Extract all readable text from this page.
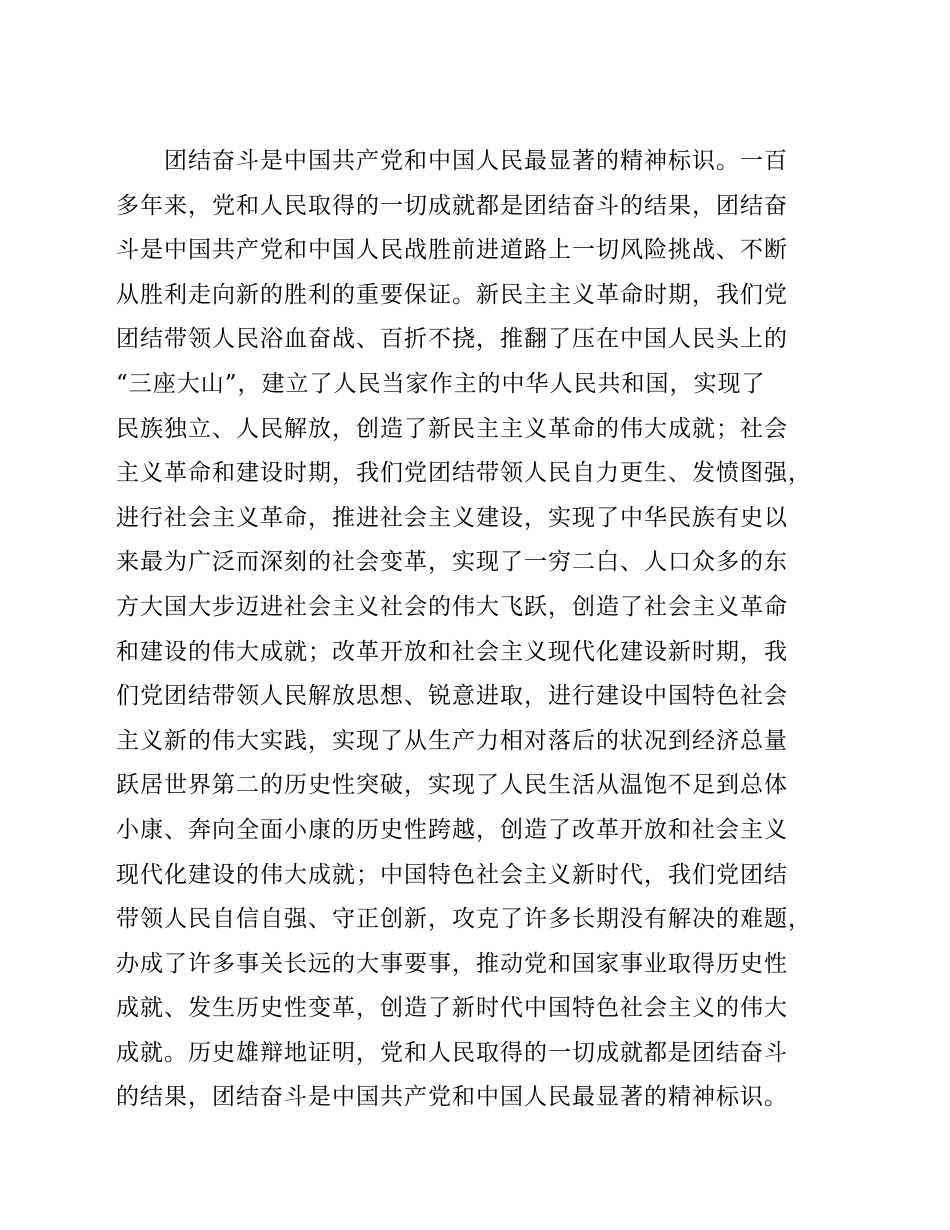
团结奋斗是中国共产党和中国人民最显著的精神标识。一百
多年来，党和人民取得的一切成就都是团结奋斗的结果，团结奋
斗是中国共产党和中国人民战胜前进道路上一切风险挑战、不断
从胜利走向新的胜利的重要保证。新民主主义革命时期，我们党
团结带领人民浴血奋战、百折不挠，推翻了压在中国人民头上的
“三座大山”，建立了人民当家作主的中华人民共和国，实现了
民族独立、人民解放，创造了新民主主义革命的伟大成就；社会
主义革命和建设时期，我们党团结带领人民自力更生、发愤图强，
进行社会主义革命，推进社会主义建设，实现了中华民族有史以
来最为广泛而深刻的社会变革，实现了一穷二白、人口众多的东
方大国大步迈进社会主义社会的伟大飞跃，创造了社会主义革命
和建设的伟大成就；改革开放和社会主义现代化建设新时期，我
们党团结带领人民解放思想、锐意进取，进行建设中国特色社会
主义新的伟大实践，实现了从生产力相对落后的状况到经济总量
跃居世界第二的历史性突破，实现了人民生活从温饱不足到总体
小康、奔向全面小康的历史性跨越，创造了改革开放和社会主义
现代化建设的伟大成就；中国特色社会主义新时代，我们党团结
带领人民自信自强、守正创新，攻克了许多长期没有解决的难题，
办成了许多事关长远的大事要事，推动党和国家事业取得历史性
成就、发生历史性变革，创造了新时代中国特色社会主义的伟大
成就。历史雄辩地证明，党和人民取得的一切成就都是团结奋斗
的结果，团结奋斗是中国共产党和中国人民最显著的精神标识。
